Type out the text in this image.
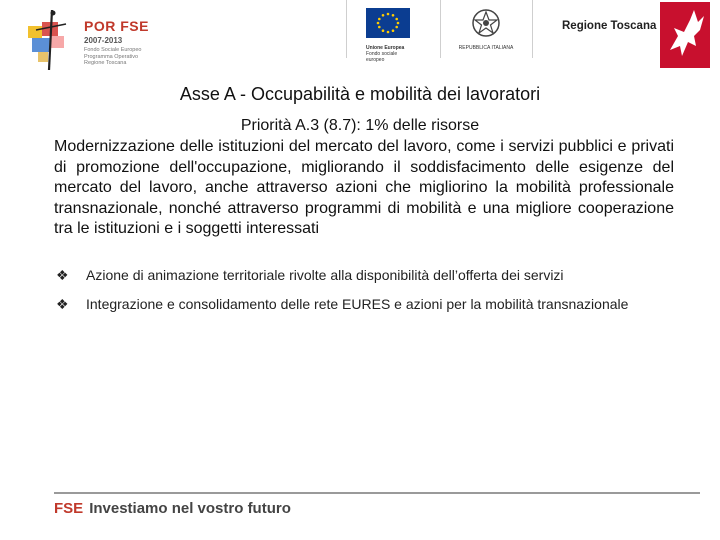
POR FSE
2007-2013
Fondo Sociale Europeo
Programma Operativo
Regione Toscana
Unione Europea
Fondo sociale europeo
REPUBBLICA ITALIANA
Regione Toscana
Asse A - Occupabilità e mobilità dei lavoratori
Priorità A.3 (8.7): 1% delle risorse
Modernizzazione delle istituzioni del mercato del lavoro, come i servizi pubblici e privati di promozione dell'occupazione, migliorando il soddisfacimento delle esigenze del mercato del lavoro, anche attraverso azioni che migliorino la mobilità professionale transnazionale, nonché attraverso programmi di mobilità e una migliore cooperazione tra le istituzioni e i soggetti interessati
❖ Azione di animazione territoriale rivolte alla disponibilità dell’offerta dei servizi
❖ Integrazione e consolidamento delle rete EURES e azioni per la mobilità transnazionale
FSE Investiamo nel vostro futuro
